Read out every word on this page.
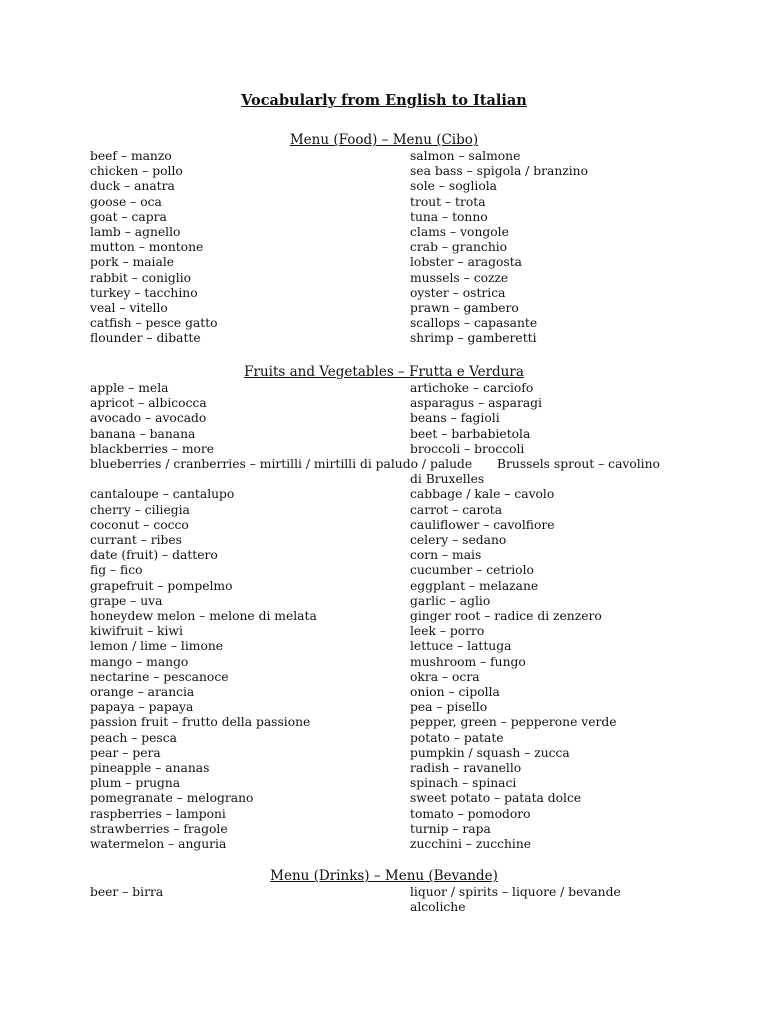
Vocabularly from English to Italian
Menu (Food) – Menu (Cibo)
beef – manzo
chicken – pollo
duck – anatra
goose – oca
goat – capra
lamb – agnello
mutton – montone
pork – maiale
rabbit – coniglio
turkey – tacchino
veal – vitello
catfish – pesce gatto
flounder – dibatte
salmon – salmone
sea bass – spigola / branzino
sole – sogliola
trout – trota
tuna – tonno
clams – vongole
crab – granchio
lobster – aragosta
mussels – cozze
oyster – ostrica
prawn – gambero
scallops – capasante
shrimp – gamberetti
Fruits and Vegetables – Frutta e Verdura
apple – mela
apricot – albicocca
avocado – avocado
banana – banana
blackberries – more
blueberries / cranberries – mirtilli / mirtilli di paludo / palude
cantaloupe – cantalupo
cherry – ciliegia
coconut – cocco
currant – ribes
date (fruit) – dattero
fig – fico
grapefruit – pompelmo
grape – uva
honeydew melon – melone di melata
kiwifruit – kiwi
lemon / lime – limone
mango – mango
nectarine – pescanoce
orange – arancia
papaya – papaya
passion fruit – frutto della passione
peach – pesca
pear – pera
pineapple – ananas
plum – prugna
pomegranate – melograno
raspberries – lamponi
strawberries – fragole
watermelon – anguria
artichoke – carciofo
asparagus – asparagi
beans – fagioli
beet – barbabietola
broccoli – broccoli
Brussels sprout – cavolino
di Bruxelles
cabbage / kale – cavolo
carrot – carota
cauliflower – cavolfiore
celery – sedano
corn – mais
cucumber – cetriolo
eggplant – melazane
garlic – aglio
ginger root – radice di zenzero
leek – porro
lettuce – lattuga
mushroom – fungo
okra – ocra
onion – cipolla
pea – pisello
pepper, green – pepperone verde
potato – patate
pumpkin / squash – zucca
radish – ravanello
spinach – spinaci
sweet potato – patata dolce
tomato – pomodoro
turnip – rapa
zucchini – zucchine
Menu (Drinks) – Menu (Bevande)
beer – birra	liquor / spirits – liquore / bevande
alcoliche
